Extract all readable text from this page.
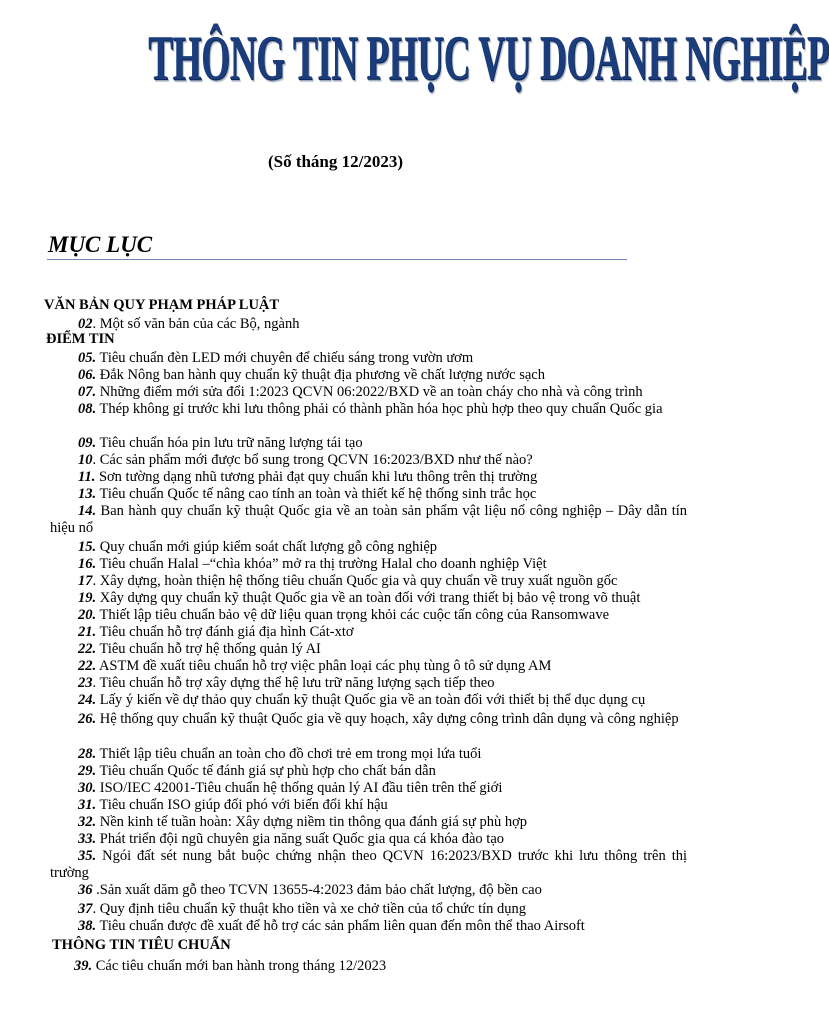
THÔNG TIN PHỤC VỤ DOANH NGHIỆP
(Số tháng 12/2023)
MỤC LỤC
VĂN BẢN QUY PHẠM PHÁP LUẬT
ĐIỂM TIN
THÔNG TIN TIÊU CHUẨN
02. Một số văn bản của các Bộ, ngành
05. Tiêu chuẩn đèn LED mới chuyên để chiếu sáng trong vườn ươm
06. Đắk Nông ban hành quy chuẩn kỹ thuật địa phương về chất lượng nước sạch
07. Những điểm mới sửa đổi 1:2023 QCVN 06:2022/BXD về an toàn cháy cho nhà và công trình
08. Thép không gỉ trước khi lưu thông phải có thành phần hóa học phù hợp theo quy chuẩn Quốc gia
09. Tiêu chuẩn hóa pin lưu trữ năng lượng tái tạo
10. Các sản phẩm mới được bổ sung trong QCVN 16:2023/BXD như thế nào?
11. Sơn tường dạng nhũ tương phải đạt quy chuẩn khi lưu thông trên thị trường
13. Tiêu chuẩn Quốc tế nâng cao tính an toàn và thiết kế hệ thống sinh trắc học
14. Ban hành quy chuẩn kỹ thuật Quốc gia về an toàn sản phẩm vật liệu nổ công nghiệp – Dây dẫn tín hiệu nổ
15. Quy chuẩn mới giúp kiểm soát chất lượng gỗ công nghiệp
16. Tiêu chuẩn Halal –“chìa khóa” mở ra thị trường Halal cho doanh nghiệp Việt
17. Xây dựng, hoàn thiện hệ thống tiêu chuẩn Quốc gia và quy chuẩn về truy xuất nguồn gốc
19. Xây dựng quy chuẩn kỹ thuật Quốc gia về an toàn đối với trang thiết bị bảo vệ trong võ thuật
20. Thiết lập tiêu chuẩn bảo vệ dữ liệu quan trọng khỏi các cuộc tấn công của Ransomwave
21. Tiêu chuẩn hỗ trợ đánh giá địa hình Cát-xtơ
22. Tiêu chuẩn hỗ trợ hệ thống quản lý AI
22. ASTM đề xuất tiêu chuẩn hỗ trợ việc phân loại các phụ tùng ô tô sử dụng AM
23. Tiêu chuẩn hỗ trợ xây dựng thể hệ lưu trữ năng lượng sạch tiếp theo
24. Lấy ý kiến về dự thảo quy chuẩn kỹ thuật Quốc gia về an toàn đối với thiết bị thể dục dụng cụ
26. Hệ thống quy chuẩn kỹ thuật Quốc gia về quy hoạch, xây dựng công trình dân dụng và công nghiệp
28. Thiết lập tiêu chuẩn an toàn cho đồ chơi trẻ em trong mọi lứa tuổi
29. Tiêu chuẩn Quốc tế đánh giá sự phù hợp cho chất bán dẫn
30. ISO/IEC 42001-Tiêu chuẩn hệ thống quản lý AI đầu tiên trên thế giới
31. Tiêu chuẩn ISO giúp đối phó với biến đổi khí hậu
32. Nền kinh tế tuần hoàn: Xây dựng niềm tin thông qua đánh giá sự phù hợp
33. Phát triển đội ngũ chuyên gia năng suất Quốc gia qua cá khóa đào tạo
35. Ngói đất sét nung bắt buộc chứng nhận theo QCVN 16:2023/BXD trước khi lưu thông trên thị trường
36 .Sản xuất dăm gỗ theo TCVN 13655-4:2023 đảm bảo chất lượng, độ bền cao
37. Quy định tiêu chuẩn kỹ thuật kho tiền và xe chở tiền của tổ chức tín dụng
38. Tiêu chuẩn được đề xuất để hỗ trợ các sản phẩm liên quan đến môn thể thao Airsoft
39. Các tiêu chuẩn mới ban hành trong tháng 12/2023
